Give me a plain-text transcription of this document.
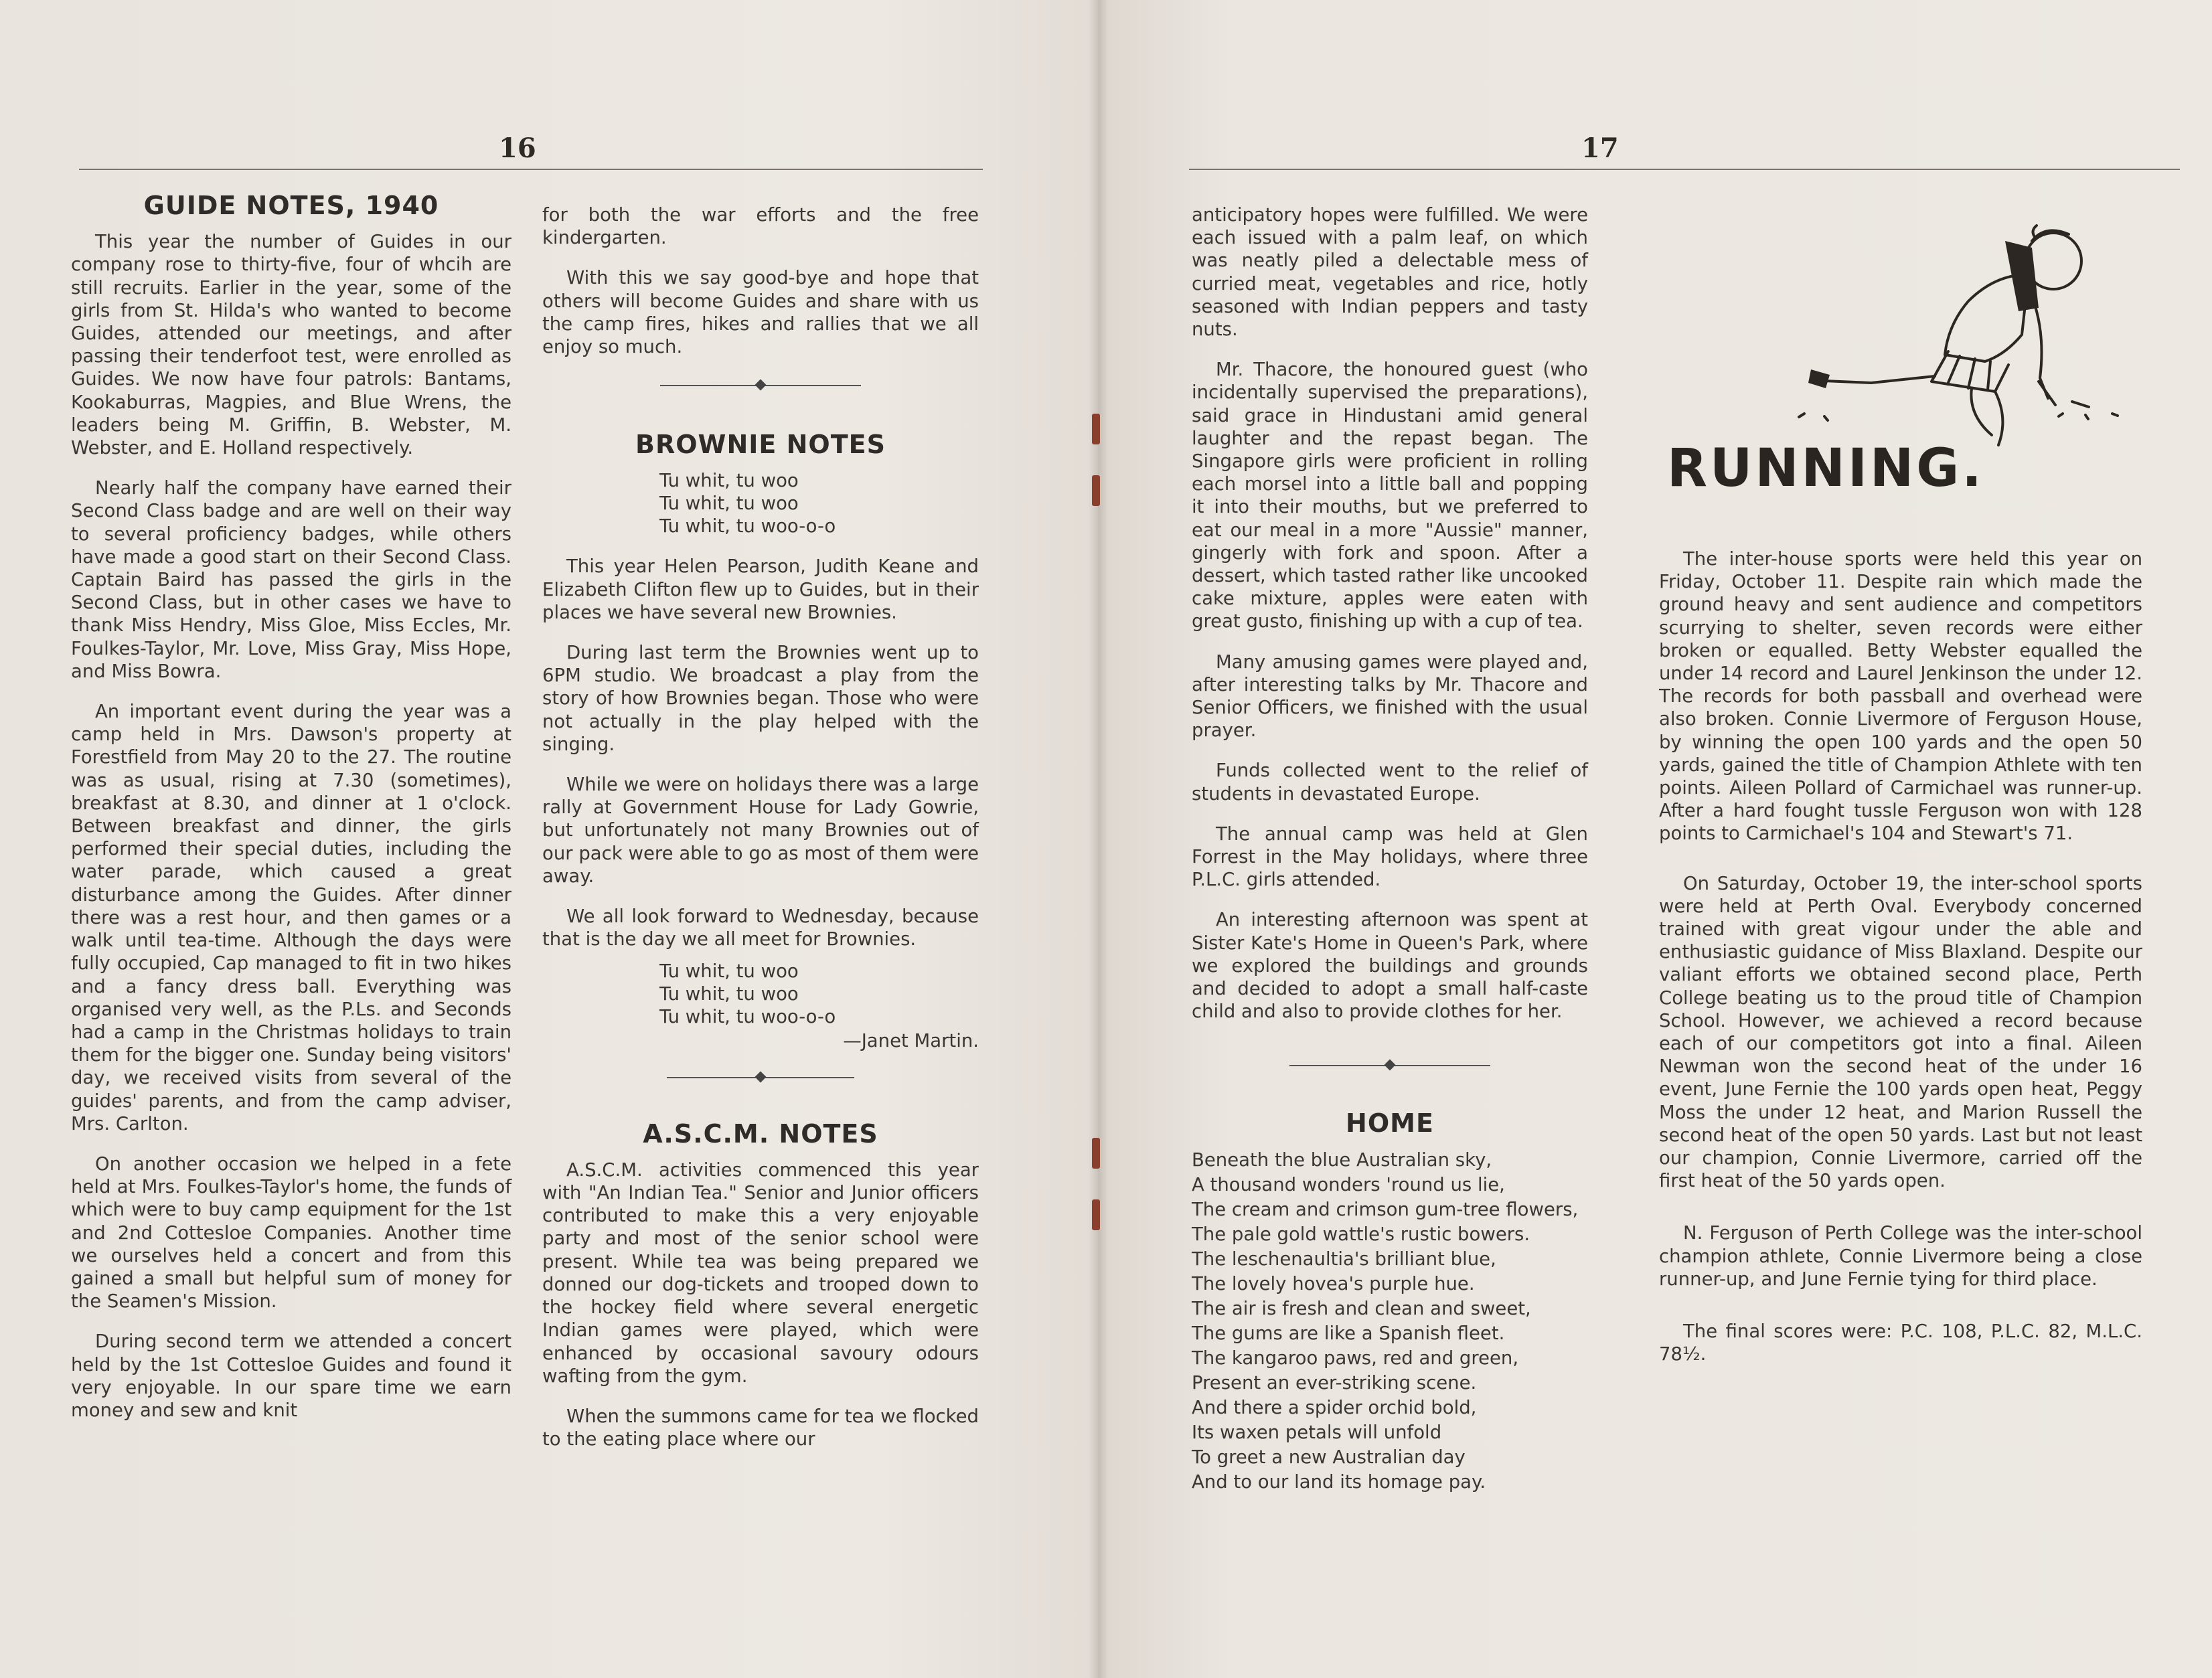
16
GUIDE NOTES, 1940

This year the number of Guides in our company rose to thirty-five, four of whcih are still recruits. Earlier in the year, some of the girls from St. Hilda's who wanted to become Guides, attended our meetings, and after passing their tenderfoot test, were enrolled as Guides. We now have four patrols: Bantams, Kookaburras, Magpies, and Blue Wrens, the leaders being M. Griffin, B. Webster, M. Webster, and E. Holland respectively.

Nearly half the company have earned their Second Class badge and are well on their way to several proficiency badges, while others have made a good start on their Second Class. Captain Baird has passed the girls in the Second Class, but in other cases we have to thank Miss Hendry, Miss Gloe, Miss Eccles, Mr. Foulkes-Taylor, Mr. Love, Miss Gray, Miss Hope, and Miss Bowra.

An important event during the year was a camp held in Mrs. Dawson's property at Forestfield from May 20 to the 27. The routine was as usual, rising at 7.30 (sometimes), breakfast at 8.30, and dinner at 1 o'clock. Between breakfast and dinner, the girls performed their special duties, including the water parade, which caused a great disturbance among the Guides. After dinner there was a rest hour, and then games or a walk until tea-time. Although the days were fully occupied, Cap managed to fit in two hikes and a fancy dress ball. Everything was organised very well, as the P.Ls. and Seconds had a camp in the Christmas holidays to train them for the bigger one. Sunday being visitors' day, we received visits from several of the guides' parents, and from the camp adviser, Mrs. Carlton.

On another occasion we helped in a fete held at Mrs. Foulkes-Taylor's home, the funds of which were to buy camp equipment for the 1st and 2nd Cottesloe Companies. Another time we ourselves held a concert and from this gained a small but helpful sum of money for the Seamen's Mission.

During second term we attended a concert held by the 1st Cottesloe Guides and found it very enjoyable. In our spare time we earn money and sew and knit

for both the war efforts and the free kindergarten.

With this we say good-bye and hope that others will become Guides and share with us the camp fires, hikes and rallies that we all enjoy so much.

BROWNIE NOTES
Tu whit, tu woo
Tu whit, tu woo
Tu whit, tu woo-o-o

This year Helen Pearson, Judith Keane and Elizabeth Clifton flew up to Guides, but in their places we have several new Brownies.

During last term the Brownies went up to 6PM studio. We broadcast a play from the story of how Brownies began. Those who were not actually in the play helped with the singing.

While we were on holidays there was a large rally at Government House for Lady Gowrie, but unfortunately not many Brownies out of our pack were able to go as most of them were away.

We all look forward to Wednesday, because that is the day we all meet for Brownies.

Tu whit, tu woo
Tu whit, tu woo
Tu whit, tu woo-o-o
—Janet Martin.
A.S.C.M. NOTES

A.S.C.M. activities commenced this year with "An Indian Tea." Senior and Junior officers contributed to make this a very enjoyable party and most of the senior school were present. While tea was being prepared we donned our dog-tickets and trooped down to the hockey field where several energetic Indian games were played, which were enhanced by occasional savoury odours wafting from the gym.

When the summons came for tea we flocked to the eating place where our

17

anticipatory hopes were fulfilled. We were each issued with a palm leaf, on which was neatly piled a delectable mess of curried meat, vegetables and rice, hotly seasoned with Indian peppers and tasty nuts.

Mr. Thacore, the honoured guest (who incidentally supervised the preparations), said grace in Hindustani amid general laughter and the repast began. The Singapore girls were proficient in rolling each morsel into a little ball and popping it into their mouths, but we preferred to eat our meal in a more "Aussie" manner, gingerly with fork and spoon. After a dessert, which tasted rather like uncooked cake mixture, apples were eaten with great gusto, finishing up with a cup of tea.

Many amusing games were played and, after interesting talks by Mr. Thacore and Senior Officers, we finished with the usual prayer.

Funds collected went to the relief of students in devastated Europe.

The annual camp was held at Glen Forrest in the May holidays, where three P.L.C. girls attended.

An interesting afternoon was spent at Sister Kate's Home in Queen's Park, where we explored the buildings and grounds and decided to adopt a small half-caste child and also to provide clothes for her.

HOME
Beneath the blue Australian sky,
A thousand wonders 'round us lie,
The cream and crimson gum-tree flowers,
The pale gold wattle's rustic bowers.
The leschenaultia's brilliant blue,
The lovely hovea's purple hue.
The air is fresh and clean and sweet,
The gums are like a Spanish fleet.
The kangaroo paws, red and green,
Present an ever-striking scene.
And there a spider orchid bold,
Its waxen petals will unfold
To greet a new Australian day
And to our land its homage pay.
RUNNING.

The inter-house sports were held this year on Friday, October 11. Despite rain which made the ground heavy and sent audience and competitors scurrying to shelter, seven records were either broken or equalled. Betty Webster equalled the under 14 record and Laurel Jenkinson the under 12. The records for both passball and overhead were also broken. Connie Livermore of Ferguson House, by winning the open 100 yards and the open 50 yards, gained the title of Champion Athlete with ten points. Aileen Pollard of Carmichael was runner-up. After a hard fought tussle Ferguson won with 128 points to Carmichael's 104 and Stewart's 71.

On Saturday, October 19, the inter-school sports were held at Perth Oval. Everybody concerned trained with great vigour under the able and enthusiastic guidance of Miss Blaxland. Despite our valiant efforts we obtained second place, Perth College beating us to the proud title of Champion School. However, we achieved a record because each of our competitors got into a final. Aileen Newman won the second heat of the under 16 event, June Fernie the 100 yards open heat, Peggy Moss the under 12 heat, and Marion Russell the second heat of the open 50 yards. Last but not least our champion, Connie Livermore, carried off the first heat of the 50 yards open.

N. Ferguson of Perth College was the inter-school champion athlete, Connie Livermore being a close runner-up, and June Fernie tying for third place.

The final scores were: P.C. 108, P.L.C. 82, M.L.C. 78½.
